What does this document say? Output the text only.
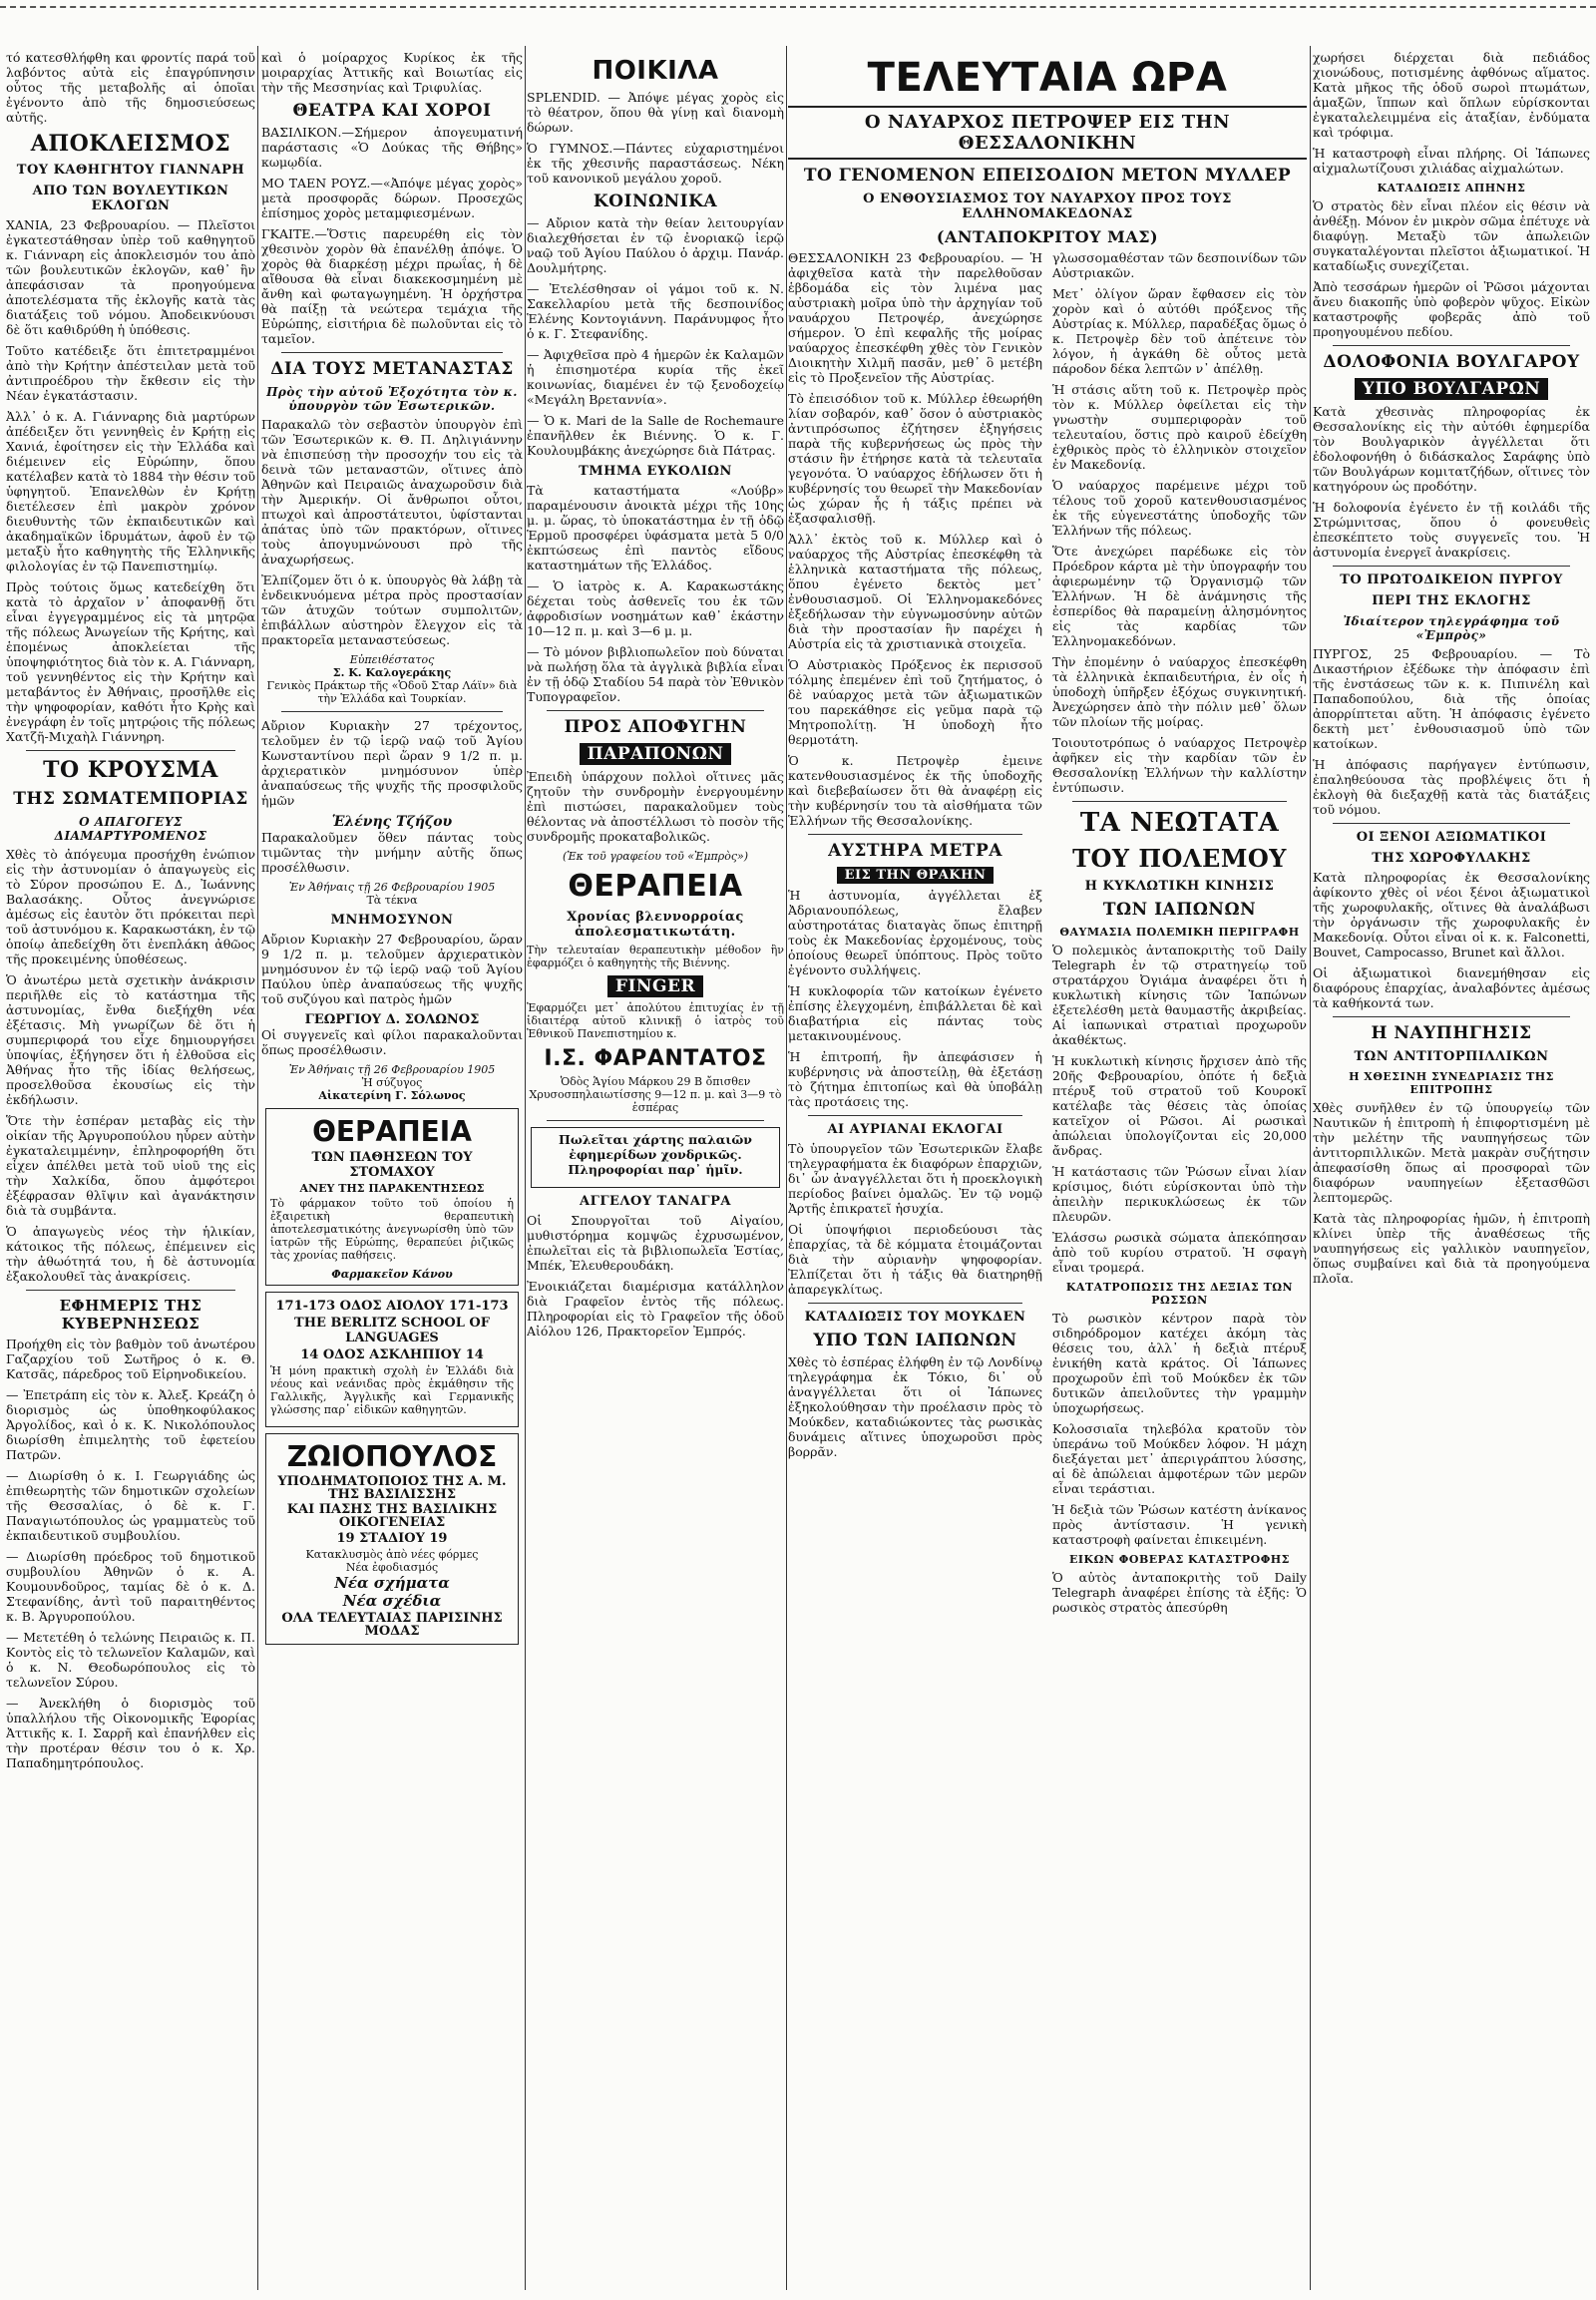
τό κατεσθλήφθη και φροντίς παρά τοῦ λαβόντος αὐτὰ εἰς ἐπαγρύπνησιν οὗτος τῆς μεταβολῆς αἱ ὁποῖαι ἐγένοντο ἀπὸ τῆς δημοσιεύσεως αὐτῆς.

ΑΠΟΚΛΕΙΣΜΟΣ
ΤΟΥ ΚΑΘΗΓΗΤΟΥ ΓΙΑΝΝΑΡΗ
ΑΠΟ ΤΩΝ ΒΟΥΛΕΥΤΙΚΩΝ ΕΚΛΟΓΩΝ

ΧΑΝΙΑ, 23 Φεβρουαρίου. — Πλεῖστοι ἐγκατεστάθησαν ὑπὲρ τοῦ καθηγητοῦ κ. Γιάνναρη εἰς ἀποκλεισμόν του ἀπὸ τῶν βουλευτικῶν ἐκλογῶν, καθ᾽ ἣν ἀπεφάσισαν τὰ προηγούμενα ἀποτελέσματα τῆς ἐκλογῆς κατὰ τὰς διατάξεις τοῦ νόμου. Ἀποδεικνύουσι δὲ ὅτι καθιδρύθη ἡ ὑπόθεσις.

Τοῦτο κατέδειξε ὅτι ἐπιτετραμμένοι ἀπὸ τὴν Κρήτην ἀπέστειλαν μετὰ τοῦ ἀντιπροέδρου τὴν ἔκθεσιν εἰς τὴν Νέαν ἐγκατάστασιν.

Ἀλλ᾽ ὁ κ. Α. Γιάνναρης διὰ μαρτύρων ἀπέδειξεν ὅτι γεννηθεὶς ἐν Κρήτῃ εἰς Χανιά, ἐφοίτησεν εἰς τὴν Ἑλλάδα καὶ διέμεινεν εἰς Εὐρώπην, ὅπου κατέλαβεν κατὰ τὸ 1884 τὴν θέσιν τοῦ ὑφηγητοῦ. Ἐπανελθὼν ἐν Κρήτῃ διετέλεσεν ἐπὶ μακρὸν χρόνον διευθυντὴς τῶν ἐκπαιδευτικῶν καὶ ἀκαδημαϊκῶν ἱδρυμάτων, ἀφοῦ ἐν τῷ μεταξὺ ἦτο καθηγητὴς τῆς Ἑλληνικῆς φιλολογίας ἐν τῷ Πανεπιστημίῳ.

Πρὸς τούτοις ὅμως κατεδείχθη ὅτι κατὰ τὸ ἀρχαῖον ν᾽ ἀποφανθῇ ὅτι εἶναι ἐγγεγραμμένος εἰς τὰ μητρῷα τῆς πόλεως Ἀνωγείων τῆς Κρήτης, καὶ ἑπομένως ἀποκλείεται τῆς ὑποψηφιότητος διὰ τὸν κ. Α. Γιάνναρη, τοῦ γεννηθέντος εἰς τὴν Κρήτην καὶ μεταβάντος ἐν Ἀθήναις, προσῆλθε εἰς τὴν ψηφοφορίαν, καθότι ἦτο Κρὴς καὶ ἐνεγράφη ἐν τοῖς μητρῴοις τῆς πόλεως Χατζῆ-Μιχαὴλ Γιάννηρη.

ΤΟ ΚΡΟΥΣΜΑ
ΤΗΣ ΣΩΜΑΤΕΜΠΟΡΙΑΣ
Ο ΑΠΑΓΟΓΕΥΣ ΔΙΑΜΑΡΤΥΡΟΜΕΝΟΣ

Χθὲς τὸ ἀπόγευμα προσήχθη ἐνώπιον εἰς τὴν ἀστυνομίαν ὁ ἀπαγωγεὺς εἰς τὸ Σύρον προσώπου Ε. Δ., Ἰωάννης Βαλασάκης. Οὗτος ἀνεγνώρισε ἀμέσως εἰς ἑαυτὸν ὅτι πρόκειται περὶ τοῦ ἀστυνόμου κ. Καρακωστάκη, ἐν τῷ ὁποίῳ ἀπεδείχθη ὅτι ἐνεπλάκη ἀθῶος τῆς προκειμένης ὑποθέσεως.

Ὁ ἀνωτέρω μετὰ σχετικὴν ἀνάκρισιν περιῆλθε εἰς τὸ κατάστημα τῆς ἀστυνομίας, ἔνθα διεξήχθη νέα ἐξέτασις. Μὴ γνωρίζων δὲ ὅτι ἡ συμπεριφορά του εἶχε δημιουργήσει ὑποψίας, ἐξήγησεν ὅτι ἡ ἐλθοῦσα εἰς Ἀθήνας ἦτο τῆς ἰδίας θελήσεως, προσελθοῦσα ἐκουσίως εἰς τὴν ἐκδήλωσιν.

Ὅτε τὴν ἑσπέραν μεταβὰς εἰς τὴν οἰκίαν τῆς Ἀργυροπούλου ηὗρεν αὐτὴν ἐγκαταλειμμένην, ἐπληροφορήθη ὅτι εἶχεν ἀπέλθει μετὰ τοῦ υἱοῦ της εἰς τὴν Χαλκίδα, ὅπου ἀμφότεροι ἐξέφρασαν θλῖψιν καὶ ἀγανάκτησιν διὰ τὰ συμβάντα.

Ὁ ἀπαγωγεὺς νέος τὴν ἡλικίαν, κάτοικος τῆς πόλεως, ἐπέμεινεν εἰς τὴν ἀθωότητά του, ἡ δὲ ἀστυνομία ἐξακολουθεῖ τὰς ἀνακρίσεις.

ΕΦΗΜΕΡΙΣ ΤΗΣ ΚΥΒΕΡΝΗΣΕΩΣ

Προήχθη εἰς τὸν βαθμὸν τοῦ ἀνωτέρου Γαζαρχίου τοῦ Σωτῆρος ὁ κ. Θ. Κατσᾶς, πάρεδρος τοῦ Εἰρηνοδικείου.

— Ἐπετράπη εἰς τὸν κ. Ἀλεξ. Κρεάζη ὁ διορισμὸς ὡς ὑποθηκοφύλακος Ἀργολίδος, καὶ ὁ κ. Κ. Νικολόπουλος διωρίσθη ἐπιμελητὴς τοῦ ἐφετείου Πατρῶν.

— Διωρίσθη ὁ κ. Ι. Γεωργιάδης ὡς ἐπιθεωρητὴς τῶν δημοτικῶν σχολείων τῆς Θεσσαλίας, ὁ δὲ κ. Γ. Παναγιωτόπουλος ὡς γραμματεὺς τοῦ ἐκπαιδευτικοῦ συμβουλίου.

— Διωρίσθη πρόεδρος τοῦ δημοτικοῦ συμβουλίου Ἀθηνῶν ὁ κ. Α. Κουμουνδοῦρος, ταμίας δὲ ὁ κ. Δ. Στεφανίδης, ἀντὶ τοῦ παραιτηθέντος κ. Β. Ἀργυροπούλου.

— Μετετέθη ὁ τελώνης Πειραιῶς κ. Π. Κοντὸς εἰς τὸ τελωνεῖον Καλαμῶν, καὶ ὁ κ. Ν. Θεοδωρόπουλος εἰς τὸ τελωνεῖον Σύρου.

— Ἀνεκλήθη ὁ διορισμὸς τοῦ ὑπαλλήλου τῆς Οἰκονομικῆς Ἐφορίας Ἀττικῆς κ. Ι. Σαρρῆ καὶ ἐπανήλθεν εἰς τὴν προτέραν θέσιν του ὁ κ. Χρ. Παπαδημητρόπουλος.

καὶ ὁ μοίραρχος Κυρίκος ἐκ τῆς μοιραρχίας Ἀττικῆς καὶ Βοιωτίας εἰς τὴν τῆς Μεσσηνίας καὶ Τριφυλίας.

ΘΕΑΤΡΑ ΚΑΙ ΧΟΡΟΙ

ΒΑΣΙΛΙΚΟΝ.—Σήμερον ἀπογευματινή παράστασις «Ὁ Δούκας τῆς Θήβης» κωμῳδία.

ΜΟ ΤΑΕΝ ΡΟΥΖ.—«Ἀπόψε μέγας χορὸς» μετὰ προσφορᾶς δώρων. Προσεχῶς ἐπίσημος χορὸς μεταμφιεσμένων.

ΓΚΑΙΤΕ.—Ὅστις παρευρέθη εἰς τὸν χθεσινὸν χορὸν θὰ ἐπανέλθῃ ἀπόψε. Ὁ χορὸς θὰ διαρκέσῃ μέχρι πρωΐας, ἡ δὲ αἴθουσα θὰ εἶναι διακεκοσμημένη μὲ ἄνθη καὶ φωταγωγημένη. Ἡ ὀρχήστρα θὰ παίξῃ τὰ νεώτερα τεμάχια τῆς Εὐρώπης, εἰσιτήρια δὲ πωλοῦνται εἰς τὸ ταμεῖον.

ΔΙΑ ΤΟΥΣ ΜΕΤΑΝΑΣΤΑΣ
Πρὸς τὴν αὐτοῦ Ἐξοχότητα τὸν κ. ὑπουργὸν τῶν Ἐσωτερικῶν.

Παρακαλῶ τὸν σεβαστὸν ὑπουργὸν ἐπὶ τῶν Ἐσωτερικῶν κ. Θ. Π. Δηλιγιάννην νὰ ἐπισπεύσῃ τὴν προσοχήν του εἰς τὰ δεινὰ τῶν μεταναστῶν, οἵτινες ἀπὸ Ἀθηνῶν καὶ Πειραιῶς ἀναχωροῦσιν διὰ τὴν Ἀμερικήν. Οἱ ἄνθρωποι οὗτοι, πτωχοὶ καὶ ἀπροστάτευτοι, ὑφίστανται ἀπάτας ὑπὸ τῶν πρακτόρων, οἵτινες τοὺς ἀπογυμνώνουσι πρὸ τῆς ἀναχωρήσεως.

Ἐλπίζομεν ὅτι ὁ κ. ὑπουργὸς θὰ λάβῃ τὰ ἐνδεικνυόμενα μέτρα πρὸς προστασίαν τῶν ἀτυχῶν τούτων συμπολιτῶν, ἐπιβάλλων αὐστηρὸν ἔλεγχον εἰς τὰ πρακτορεῖα μεταναστεύσεως.

Εὐπειθέστατος
Σ. Κ. Καλογεράκης
Γενικὸς Πράκτωρ τῆς «Ὁδοῦ Σταρ Λάϊν» διὰ τὴν Ἑλλάδα καὶ Τουρκίαν.

Αὔριον Κυριακὴν 27 τρέχοντος, τελοῦμεν ἐν τῷ ἱερῷ ναῷ τοῦ Ἁγίου Κωνσταντίνου περὶ ὥραν 9 1/2 π. μ. ἀρχιερατικὸν μνημόσυνον ὑπὲρ ἀναπαύσεως τῆς ψυχῆς τῆς προσφιλοῦς ἡμῶν

Ἑλένης Τζήζου

Παρακαλοῦμεν ὅθεν πάντας τοὺς τιμῶντας τὴν μνήμην αὐτῆς ὅπως προσέλθωσιν.

Ἐν Ἀθήναις τῇ 26 Φεβρουαρίου 1905
Τὰ τέκνα
ΜΝΗΜΟΣΥΝΟΝ

Αὔριον Κυριακὴν 27 Φεβρουαρίου, ὥραν 9 1/2 π. μ. τελοῦμεν ἀρχιερατικὸν μνημόσυνον ἐν τῷ ἱερῷ ναῷ τοῦ Ἁγίου Παύλου ὑπὲρ ἀναπαύσεως τῆς ψυχῆς τοῦ συζύγου καὶ πατρὸς ἡμῶν

ΓΕΩΡΓΙΟΥ Δ. ΣΟΛΩΝΟΣ

Οἱ συγγενεῖς καὶ φίλοι παρακαλοῦνται ὅπως προσέλθωσιν.

Ἐν Ἀθήναις τῇ 26 Φεβρουαρίου 1905
Ἡ σύζυγος
Αἰκατερίνη Γ. Σόλωνος
ΘΕΡΑΠΕΙΑ
ΤΩΝ ΠΑΘΗΣΕΩΝ ΤΟΥ ΣΤΟΜΑΧΟΥ
ΑΝΕΥ ΤΗΣ ΠΑΡΑΚΕΝΤΗΣΕΩΣ

Τὸ φάρμακον τοῦτο τοῦ ὁποίου ἡ ἐξαιρετικὴ θεραπευτικὴ ἀποτελεσματικότης ἀνεγνωρίσθη ὑπὸ τῶν ἰατρῶν τῆς Εὐρώπης, θεραπεύει ῥιζικῶς τὰς χρονίας παθήσεις.

Φαρμακεῖον Κάνου
171-173 ΟΔΟΣ ΑΙΟΛΟΥ 171-173
THE BERLITZ SCHOOL OF LANGUAGES
14 ΟΔΟΣ ΑΣΚΛΗΠΙΟΥ 14

Ἡ μόνη πρακτικὴ σχολὴ ἐν Ἑλλάδι διὰ νέους καὶ νεάνιδας πρὸς ἐκμάθησιν τῆς Γαλλικῆς, Ἀγγλικῆς καὶ Γερμανικῆς γλώσσης παρ᾽ εἰδικῶν καθηγητῶν.

ΖΩΙΟΠΟΥΛΟΣ
ΥΠΟΔΗΜΑΤΟΠΟΙΟΣ ΤΗΣ Α. Μ. ΤΗΣ ΒΑΣΙΛΙΣΣΗΣ
ΚΑΙ ΠΑΣΗΣ ΤΗΣ ΒΑΣΙΛΙΚΗΣ ΟΙΚΟΓΕΝΕΙΑΣ
19 ΣΤΑΔΙΟΥ 19
Κατακλυσμὸς ἀπὸ νέες φόρμες
Νέα ἐφοδιασμός
Νέα σχήματα
Νέα σχέδια
ΟΛΑ ΤΕΛΕΥΤΑΙΑΣ ΠΑΡΙΣΙΝΗΣ ΜΟΔΑΣ
ΠΟΙΚΙΛΑ

SPLENDID. — Ἀπόψε μέγας χορὸς εἰς τὸ θέατρον, ὅπου θὰ γίνῃ καὶ διανομὴ δώρων.

Ὁ ΓΥΜΝΟΣ.—Πάντες εὐχαριστημένοι ἐκ τῆς χθεσινῆς παραστάσεως. Νέκη τοῦ κανονικοῦ μεγάλου χοροῦ.

ΚΟΙΝΩΝΙΚΑ

— Αὔριον κατὰ τὴν θείαν λειτουργίαν διαλεχθήσεται ἐν τῷ ἐνοριακῷ ἱερῷ ναῷ τοῦ Ἁγίου Παύλου ὁ ἀρχιμ. Πανάρ. Δουλμήτρης.

— Ἐτελέσθησαν οἱ γάμοι τοῦ κ. Ν. Σακελλαρίου μετὰ τῆς δεσποινίδος Ἑλένης Κοντογιάννη. Παράνυμφος ἦτο ὁ κ. Γ. Στεφανίδης.

— Ἀφιχθεῖσα πρὸ 4 ἡμερῶν ἐκ Καλαμῶν ἡ ἐπισημοτέρα κυρία τῆς ἐκεῖ κοινωνίας, διαμένει ἐν τῷ ξενοδοχείῳ «Μεγάλη Βρεταννία».

— Ὁ κ. Mari de la Salle de Rochemaure ἐπανῆλθεν ἐκ Βιέννης. Ὁ κ. Γ. Κουλουμβάκης ἀνεχώρησε διὰ Πάτρας.

ΤΜΗΜΑ ΕΥΚΟΛΙΩΝ

Τὰ καταστήματα «Λούβρ» παραμένουσιν ἀνοικτὰ μέχρι τῆς 10ης μ. μ. ὥρας, τὸ ὑποκατάστημα ἐν τῇ ὁδῷ Ἑρμοῦ προσφέρει ὑφάσματα μετὰ 5 0/0 ἐκπτώσεως ἐπὶ παντὸς εἴδους καταστημάτων τῆς Ἑλλάδος.

— Ὁ ἰατρὸς κ. Α. Καρακωστάκης δέχεται τοὺς ἀσθενεῖς του ἐκ τῶν ἀφροδισίων νοσημάτων καθ᾽ ἑκάστην 10—12 π. μ. καὶ 3—6 μ. μ.

— Τὸ μόνον βιβλιοπωλεῖον ποὺ δύναται νὰ πωλήσῃ ὅλα τὰ ἀγγλικὰ βιβλία εἶναι ἐν τῇ ὁδῷ Σταδίου 54 παρὰ τὸν Ἐθνικὸν Τυπογραφεῖον.

ΠΡΟΣ ΑΠΟΦΥΓΗΝ
ΠΑΡΑΠΟΝΩΝ

Ἐπειδὴ ὑπάρχουν πολλοὶ οἵτινες μᾶς ζητοῦν τὴν συνδρομὴν ἐνεργουμένην ἐπὶ πιστώσει, παρακαλοῦμεν τοὺς θέλοντας νὰ ἀποστέλλωσι τὸ ποσὸν τῆς συνδρομῆς προκαταβολικῶς.

(Ἐκ τοῦ γραφείου τοῦ «Ἐμπρὸς»)
ΘΕΡΑΠΕΙΑ
Χρονίας βλεννορροίας ἀπολεσματικωτάτη.

Τὴν τελευταίαν θεραπευτικὴν μέθοδον ἣν ἐφαρμόζει ὁ καθηγητὴς τῆς Βιέννης.

FINGER

Ἐφαρμόζει μετ᾽ ἀπολύτου ἐπιτυχίας ἐν τῇ ἰδιαιτέρᾳ αὐτοῦ κλινικῇ ὁ ἰατρὸς τοῦ Ἐθνικοῦ Πανεπιστημίου κ.

Ι.Σ. ΦΑΡΑΝΤΑΤΟΣ

Ὁδὸς Ἁγίου Μάρκου 29 Β ὄπισθεν Χρυσοσπηλαιωτίσσης 9—12 π. μ. καὶ 3—9 τὸ ἑσπέρας

Πωλεῖται χάρτης παλαιῶν ἐφημερίδων χονδρικῶς. Πληροφορίαι παρ᾽ ἡμῖν.

ΑΓΓΕΛΟΥ ΤΑΝΑΓΡΑ

Οἱ Σπουργοῖται τοῦ Αἰγαίου, μυθιστόρημα κομψῶς ἐχρυσωμένον, ἐπωλεῖται εἰς τὰ βιβλιοπωλεῖα Ἑστίας, Μπέκ, Ἐλευθερουδάκη.

Ἐνοικιάζεται διαμέρισμα κατάλληλον διὰ Γραφεῖον ἐντὸς τῆς πόλεως. Πληροφορίαι εἰς τὸ Γραφεῖον τῆς ὁδοῦ Αἰόλου 126, Πρακτορεῖον Ἐμπρός.

ΤΕΛΕΥΤΑΙΑ ΩΡΑ
Ο ΝΑΥΑΡΧΟΣ ΠΕΤΡΟΨΕΡ ΕΙΣ ΤΗΝ ΘΕΣΣΑΛΟΝΙΚΗΝ
ΤΟ ΓΕΝΟΜΕΝΟΝ ΕΠΕΙΣΟΔΙΟΝ ΜΕΤΟΝ ΜΥΛΛΕΡ
Ο ΕΝΘΟΥΣΙΑΣΜΟΣ ΤΟΥ ΝΑΥΑΡΧΟΥ ΠΡΟΣ ΤΟΥΣ ΕΛΛΗΝΟΜΑΚΕΔΟΝΑΣ
(ΑΝΤΑΠΟΚΡΙΤΟΥ ΜΑΣ)

ΘΕΣΣΑΛΟΝΙΚΗ 23 Φεβρουαρίου. — Ἡ ἀφιχθεῖσα κατὰ τὴν παρελθοῦσαν ἑβδομάδα εἰς τὸν λιμένα μας αὐστριακὴ μοῖρα ὑπὸ τὴν ἀρχηγίαν τοῦ ναυάρχου Πετροψέρ, ἀνεχώρησε σήμερον. Ὁ ἐπὶ κεφαλῆς τῆς μοίρας ναύαρχος ἐπεσκέφθη χθὲς τὸν Γενικὸν Διοικητὴν Χιλμῆ πασᾶν, μεθ᾽ ὃ μετέβη εἰς τὸ Προξενεῖον τῆς Αὐστρίας.

Τὸ ἐπεισόδιον τοῦ κ. Μύλλερ ἐθεωρήθη λίαν σοβαρόν, καθ᾽ ὅσον ὁ αὐστριακὸς ἀντιπρόσωπος ἐζήτησεν ἐξηγήσεις παρὰ τῆς κυβερνήσεως ὡς πρὸς τὴν στάσιν ἣν ἐτήρησε κατὰ τὰ τελευταῖα γεγονότα. Ὁ ναύαρχος ἐδήλωσεν ὅτι ἡ κυβέρνησίς του θεωρεῖ τὴν Μακεδονίαν ὡς χώραν ἧς ἡ τάξις πρέπει νὰ ἐξασφαλισθῇ.

Ἀλλ᾽ ἐκτὸς τοῦ κ. Μύλλερ καὶ ὁ ναύαρχος τῆς Αὐστρίας ἐπεσκέφθη τὰ ἑλληνικὰ καταστήματα τῆς πόλεως, ὅπου ἐγένετο δεκτὸς μετ᾽ ἐνθουσιασμοῦ. Οἱ Ἑλληνομακεδόνες ἐξεδήλωσαν τὴν εὐγνωμοσύνην αὐτῶν διὰ τὴν προστασίαν ἣν παρέχει ἡ Αὐστρία εἰς τὰ χριστιανικὰ στοιχεῖα.

Ὁ Αὐστριακὸς Πρόξενος ἐκ περισσοῦ τόλμης ἐπεμένεν ἐπὶ τοῦ ζητήματος, ὁ δὲ ναύαρχος μετὰ τῶν ἀξιωματικῶν του παρεκάθησε εἰς γεῦμα παρὰ τῷ Μητροπολίτῃ. Ἡ ὑποδοχὴ ἦτο θερμοτάτη.

Ὁ κ. Πετροψὲρ ἐμεινε κατενθουσιασμένος ἐκ τῆς ὑποδοχῆς καὶ διεβεβαίωσεν ὅτι θὰ ἀναφέρῃ εἰς τὴν κυβέρνησίν του τὰ αἰσθήματα τῶν Ἑλλήνων τῆς Θεσσαλονίκης.

ΑΥΣΤΗΡΑ ΜΕΤΡΑ
ΕΙΣ ΤΗΝ ΘΡΑΚΗΝ

Ἡ ἀστυνομία, ἀγγέλλεται ἐξ Ἀδριανουπόλεως, ἔλαβεν αὐστηροτάτας διαταγὰς ὅπως ἐπιτηρῇ τοὺς ἐκ Μακεδονίας ἐρχομένους, τοὺς ὁποίους θεωρεῖ ὑπόπτους. Πρὸς τοῦτο ἐγένοντο συλλήψεις.

Ἡ κυκλοφορία τῶν κατοίκων ἐγένετο ἐπίσης ἐλεγχομένη, ἐπιβάλλεται δὲ καὶ διαβατήρια εἰς πάντας τοὺς μετακινουμένους.

Ἡ ἐπιτροπή, ἣν ἀπεφάσισεν ἡ κυβέρνησις νὰ ἀποστείλῃ, θὰ ἐξετάσῃ τὸ ζήτημα ἐπιτοπίως καὶ θὰ ὑποβάλῃ τὰς προτάσεις της.

ΑΙ ΑΥΡΙΑΝΑΙ ΕΚΛΟΓΑΙ

Τὸ ὑπουργεῖον τῶν Ἐσωτερικῶν ἔλαβε τηλεγραφήματα ἐκ διαφόρων ἐπαρχιῶν, δι᾽ ὧν ἀναγγέλλεται ὅτι ἡ προεκλογικὴ περίοδος βαίνει ὁμαλῶς. Ἐν τῷ νομῷ Ἀρτῆς ἐπικρατεῖ ἡσυχία.

Οἱ ὑποψήφιοι περιοδεύουσι τὰς ἐπαρχίας, τὰ δὲ κόμματα ἐτοιμάζονται διὰ τὴν αὐριανὴν ψηφοφορίαν. Ἐλπίζεται ὅτι ἡ τάξις θὰ διατηρηθῇ ἀπαρεγκλίτως.

ΚΑΤΑΔΙΩΞΙΣ ΤΟΥ ΜΟΥΚΔΕΝ
ΥΠΟ ΤΩΝ ΙΑΠΩΝΩΝ

Χθὲς τὸ ἑσπέρας ἐλήφθη ἐν τῷ Λονδίνῳ τηλεγράφημα ἐκ Τόκιο, δι᾽ οὗ ἀναγγέλλεται ὅτι οἱ Ἰάπωνες ἐξηκολούθησαν τὴν προέλασιν πρὸς τὸ Μούκδεν, καταδιώκοντες τὰς ρωσικὰς δυνάμεις αἵτινες ὑποχωροῦσι πρὸς βορρᾶν.

γλωσσομαθέσταν τῶν δεσποινίδων τῶν Αὐστριακῶν.

Μετ᾽ ὀλίγον ὥραν ἔφθασεν εἰς τὸν χορὸν καὶ ὁ αὐτόθι πρόξενος τῆς Αὐστρίας κ. Μύλλερ, παραδέξας ὅμως ὁ κ. Πετροψὲρ δὲν τοῦ ἀπέτεινε τὸν λόγον, ἡ ἀγκάθη δὲ οὗτος μετὰ πάροδον δέκα λεπτῶν ν᾽ ἀπέλθῃ.

Ἡ στάσις αὕτη τοῦ κ. Πετροψὲρ πρὸς τὸν κ. Μύλλερ ὀφείλεται εἰς τὴν γνωστὴν συμπεριφορὰν τοῦ τελευταίου, ὅστις πρὸ καιροῦ ἐδείχθη ἐχθρικὸς πρὸς τὸ ἑλληνικὸν στοιχεῖον ἐν Μακεδονίᾳ.

Ὁ ναύαρχος παρέμεινε μέχρι τοῦ τέλους τοῦ χοροῦ κατενθουσιασμένος ἐκ τῆς εὐγενεστάτης ὑποδοχῆς τῶν Ἑλλήνων τῆς πόλεως.

Ὅτε ἀνεχώρει παρέδωκε εἰς τὸν Πρόεδρον κάρτα μὲ τὴν ὑπογραφήν του ἀφιερωμένην τῷ Ὀργανισμῷ τῶν Ἑλλήνων. Ἡ δὲ ἀνάμνησις τῆς ἐσπερίδος θὰ παραμείνῃ ἀλησμόνητος εἰς τὰς καρδίας τῶν Ἑλληνομακεδόνων.

Τὴν ἐπομένην ὁ ναύαρχος ἐπεσκέφθη τὰ ἑλληνικὰ ἐκπαιδευτήρια, ἐν οἷς ἡ ὑποδοχὴ ὑπῆρξεν ἐξόχως συγκινητική. Ἀνεχώρησεν ἀπὸ τὴν πόλιν μεθ᾽ ὅλων τῶν πλοίων τῆς μοίρας.

Τοιουτοτρόπως ὁ ναύαρχος Πετροψὲρ ἀφῆκεν εἰς τὴν καρδίαν τῶν ἐν Θεσσαλονίκῃ Ἑλλήνων τὴν καλλίστην ἐντύπωσιν.

ΤΑ ΝΕΩΤΑΤΑ
ΤΟΥ ΠΟΛΕΜΟΥ
Η ΚΥΚΛΩΤΙΚΗ ΚΙΝΗΣΙΣ
ΤΩΝ ΙΑΠΩΝΩΝ
ΘΑΥΜΑΣΙΑ ΠΟΛΕΜΙΚΗ ΠΕΡΙΓΡΑΦΗ

Ὁ πολεμικὸς ἀνταποκριτὴς τοῦ Daily Telegraph ἐν τῷ στρατηγείῳ τοῦ στρατάρχου Ὀγιάμα ἀναφέρει ὅτι ἡ κυκλωτικὴ κίνησις τῶν Ἰαπώνων ἐξετελέσθη μετὰ θαυμαστῆς ἀκριβείας. Αἱ ἰαπωνικαὶ στρατιαὶ προχωροῦν ἀκαθέκτως.

Ἡ κυκλωτικὴ κίνησις ἤρχισεν ἀπὸ τῆς 20ῆς Φεβρουαρίου, ὁπότε ἡ δεξιὰ πτέρυξ τοῦ στρατοῦ τοῦ Κουροκῖ κατέλαβε τὰς θέσεις τὰς ὁποίας κατεῖχον οἱ Ρῶσοι. Αἱ ρωσικαὶ ἀπώλειαι ὑπολογίζονται εἰς 20,000 ἄνδρας.

Ἡ κατάστασις τῶν Ῥώσων εἶναι λίαν κρίσιμος, διότι εὑρίσκονται ὑπὸ τὴν ἀπειλὴν περικυκλώσεως ἐκ τῶν πλευρῶν.

Ἐλάσσω ρωσικὰ σώματα ἀπεκόπησαν ἀπὸ τοῦ κυρίου στρατοῦ. Ἡ σφαγὴ εἶναι τρομερά.

ΚΑΤΑΤΡΟΠΩΣΙΣ ΤΗΣ ΔΕΞΙΑΣ ΤΩΝ ΡΩΣΣΩΝ

Τὸ ρωσικὸν κέντρον παρὰ τὸν σιδηρόδρομον κατέχει ἀκόμη τὰς θέσεις του, ἀλλ᾽ ἡ δεξιὰ πτέρυξ ἐνικήθη κατὰ κράτος. Οἱ Ἰάπωνες προχωροῦν ἐπὶ τοῦ Μούκδεν ἐκ τῶν δυτικῶν ἀπειλοῦντες τὴν γραμμὴν ὑποχωρήσεως.

Κολοσσιαῖα τηλεβόλα κρατοῦν τὸν ὑπεράνω τοῦ Μούκδεν λόφον. Ἡ μάχη διεξάγεται μετ᾽ ἀπεριγράπτου λύσσης, αἱ δὲ ἀπώλειαι ἀμφοτέρων τῶν μερῶν εἶναι τεράστιαι.

Ἡ δεξιὰ τῶν Ῥώσων κατέστη ἀνίκανος πρὸς ἀντίστασιν. Ἡ γενικὴ καταστροφὴ φαίνεται ἐπικειμένη.

ΕΙΚΩΝ ΦΟΒΕΡΑΣ ΚΑΤΑΣΤΡΟΦΗΣ

Ὁ αὐτὸς ἀνταποκριτὴς τοῦ Daily Telegraph ἀναφέρει ἐπίσης τὰ ἑξῆς: Ὁ ρωσικὸς στρατὸς ἀπεσύρθη

χωρήσει διέρχεται διὰ πεδιάδος χιονώδους, ποτισμένης ἀφθόνως αἵματος. Κατὰ μῆκος τῆς ὁδοῦ σωροὶ πτωμάτων, ἁμαξῶν, ἵππων καὶ ὅπλων εὑρίσκονται ἐγκαταλελειμμένα εἰς ἀταξίαν, ἐνδύματα καὶ τρόφιμα.

Ἡ καταστροφὴ εἶναι πλήρης. Οἱ Ἰάπωνες αἰχμαλωτίζουσι χιλιάδας αἰχμαλώτων.

ΚΑΤΑΔΙΩΞΙΣ ΑΠΗΝΗΣ

Ὁ στρατὸς δὲν εἶναι πλέον εἰς θέσιν νὰ ἀνθέξῃ. Μόνον ἐν μικρὸν σῶμα ἐπέτυχε νὰ διαφύγῃ. Μεταξὺ τῶν ἀπωλειῶν συγκαταλέγονται πλεῖστοι ἀξιωματικοί. Ἡ καταδίωξις συνεχίζεται.

Ἀπὸ τεσσάρων ἡμερῶν οἱ Ῥῶσοι μάχονται ἄνευ διακοπῆς ὑπὸ φοβερὸν ψῦχος. Εἰκὼν καταστροφῆς φοβερᾶς ἀπὸ τοῦ προηγουμένου πεδίου.

ΔΟΛΟΦΟΝΙΑ ΒΟΥΛΓΑΡΟΥ
ΥΠΟ ΒΟΥΛΓΑΡΩΝ

Κατὰ χθεσινὰς πληροφορίας ἐκ Θεσσαλονίκης εἰς τὴν αὐτόθι ἐφημερίδα τὸν Βουλγαρικὸν ἀγγέλλεται ὅτι ἐδολοφονήθη ὁ διδάσκαλος Σαράφης ὑπὸ τῶν Βουλγάρων κομιτατζήδων, οἵτινες τὸν κατηγόρουν ὡς προδότην.

Ἡ δολοφονία ἐγένετο ἐν τῇ κοιλάδι τῆς Στρώμνιτσας, ὅπου ὁ φονευθεὶς ἐπεσκέπτετο τοὺς συγγενεῖς του. Ἡ ἀστυνομία ἐνεργεῖ ἀνακρίσεις.

ΤΟ ΠΡΩΤΟΔΙΚΕΙΟΝ ΠΥΡΓΟΥ
ΠΕΡΙ ΤΗΣ ΕΚΛΟΓΗΣ
Ἰδιαίτερον τηλεγράφημα τοῦ «Ἐμπρὸς»

ΠΥΡΓΟΣ, 25 Φεβρουαρίου. — Τὸ Δικαστήριον ἐξέδωκε τὴν ἀπόφασιν ἐπὶ τῆς ἐνστάσεως τῶν κ. κ. Πιπινέλη καὶ Παπαδοπούλου, διὰ τῆς ὁποίας ἀπορρίπτεται αὕτη. Ἡ ἀπόφασις ἐγένετο δεκτὴ μετ᾽ ἐνθουσιασμοῦ ὑπὸ τῶν κατοίκων.

Ἡ ἀπόφασις παρήγαγεν ἐντύπωσιν, ἐπαληθεύουσα τὰς προβλέψεις ὅτι ἡ ἐκλογὴ θὰ διεξαχθῇ κατὰ τὰς διατάξεις τοῦ νόμου.

ΟΙ ΞΕΝΟΙ ΑΞΙΩΜΑΤΙΚΟΙ
ΤΗΣ ΧΩΡΟΦΥΛΑΚΗΣ

Κατὰ πληροφορίας ἐκ Θεσσαλονίκης ἀφίκοντο χθὲς οἱ νέοι ξένοι ἀξιωματικοὶ τῆς χωροφυλακῆς, οἵτινες θὰ ἀναλάβωσι τὴν ὀργάνωσιν τῆς χωροφυλακῆς ἐν Μακεδονίᾳ. Οὗτοι εἶναι οἱ κ. κ. Falconetti, Bouvet, Campocasso, Brunet καὶ ἄλλοι.

Οἱ ἀξιωματικοὶ διανεμήθησαν εἰς διαφόρους ἐπαρχίας, ἀναλαβόντες ἀμέσως τὰ καθήκοντά των.

Η ΝΑΥΠΗΓΗΣΙΣ
ΤΩΝ ΑΝΤΙΤΟΡΠΙΛΛΙΚΩΝ
Η ΧΘΕΣΙΝΗ ΣΥΝΕΔΡΙΑΣΙΣ ΤΗΣ ΕΠΙΤΡΟΠΗΣ

Χθὲς συνῆλθεν ἐν τῷ ὑπουργείῳ τῶν Ναυτικῶν ἡ ἐπιτροπὴ ἡ ἐπιφορτισμένη μὲ τὴν μελέτην τῆς ναυπηγήσεως τῶν ἀντιτορπιλλικῶν. Μετὰ μακρὰν συζήτησιν ἀπεφασίσθη ὅπως αἱ προσφοραὶ τῶν διαφόρων ναυπηγείων ἐξετασθῶσι λεπτομερῶς.

Κατὰ τὰς πληροφορίας ἡμῶν, ἡ ἐπιτροπὴ κλίνει ὑπὲρ τῆς ἀναθέσεως τῆς ναυπηγήσεως εἰς γαλλικὸν ναυπηγεῖον, ὅπως συμβαίνει καὶ διὰ τὰ προηγούμενα πλοῖα.
